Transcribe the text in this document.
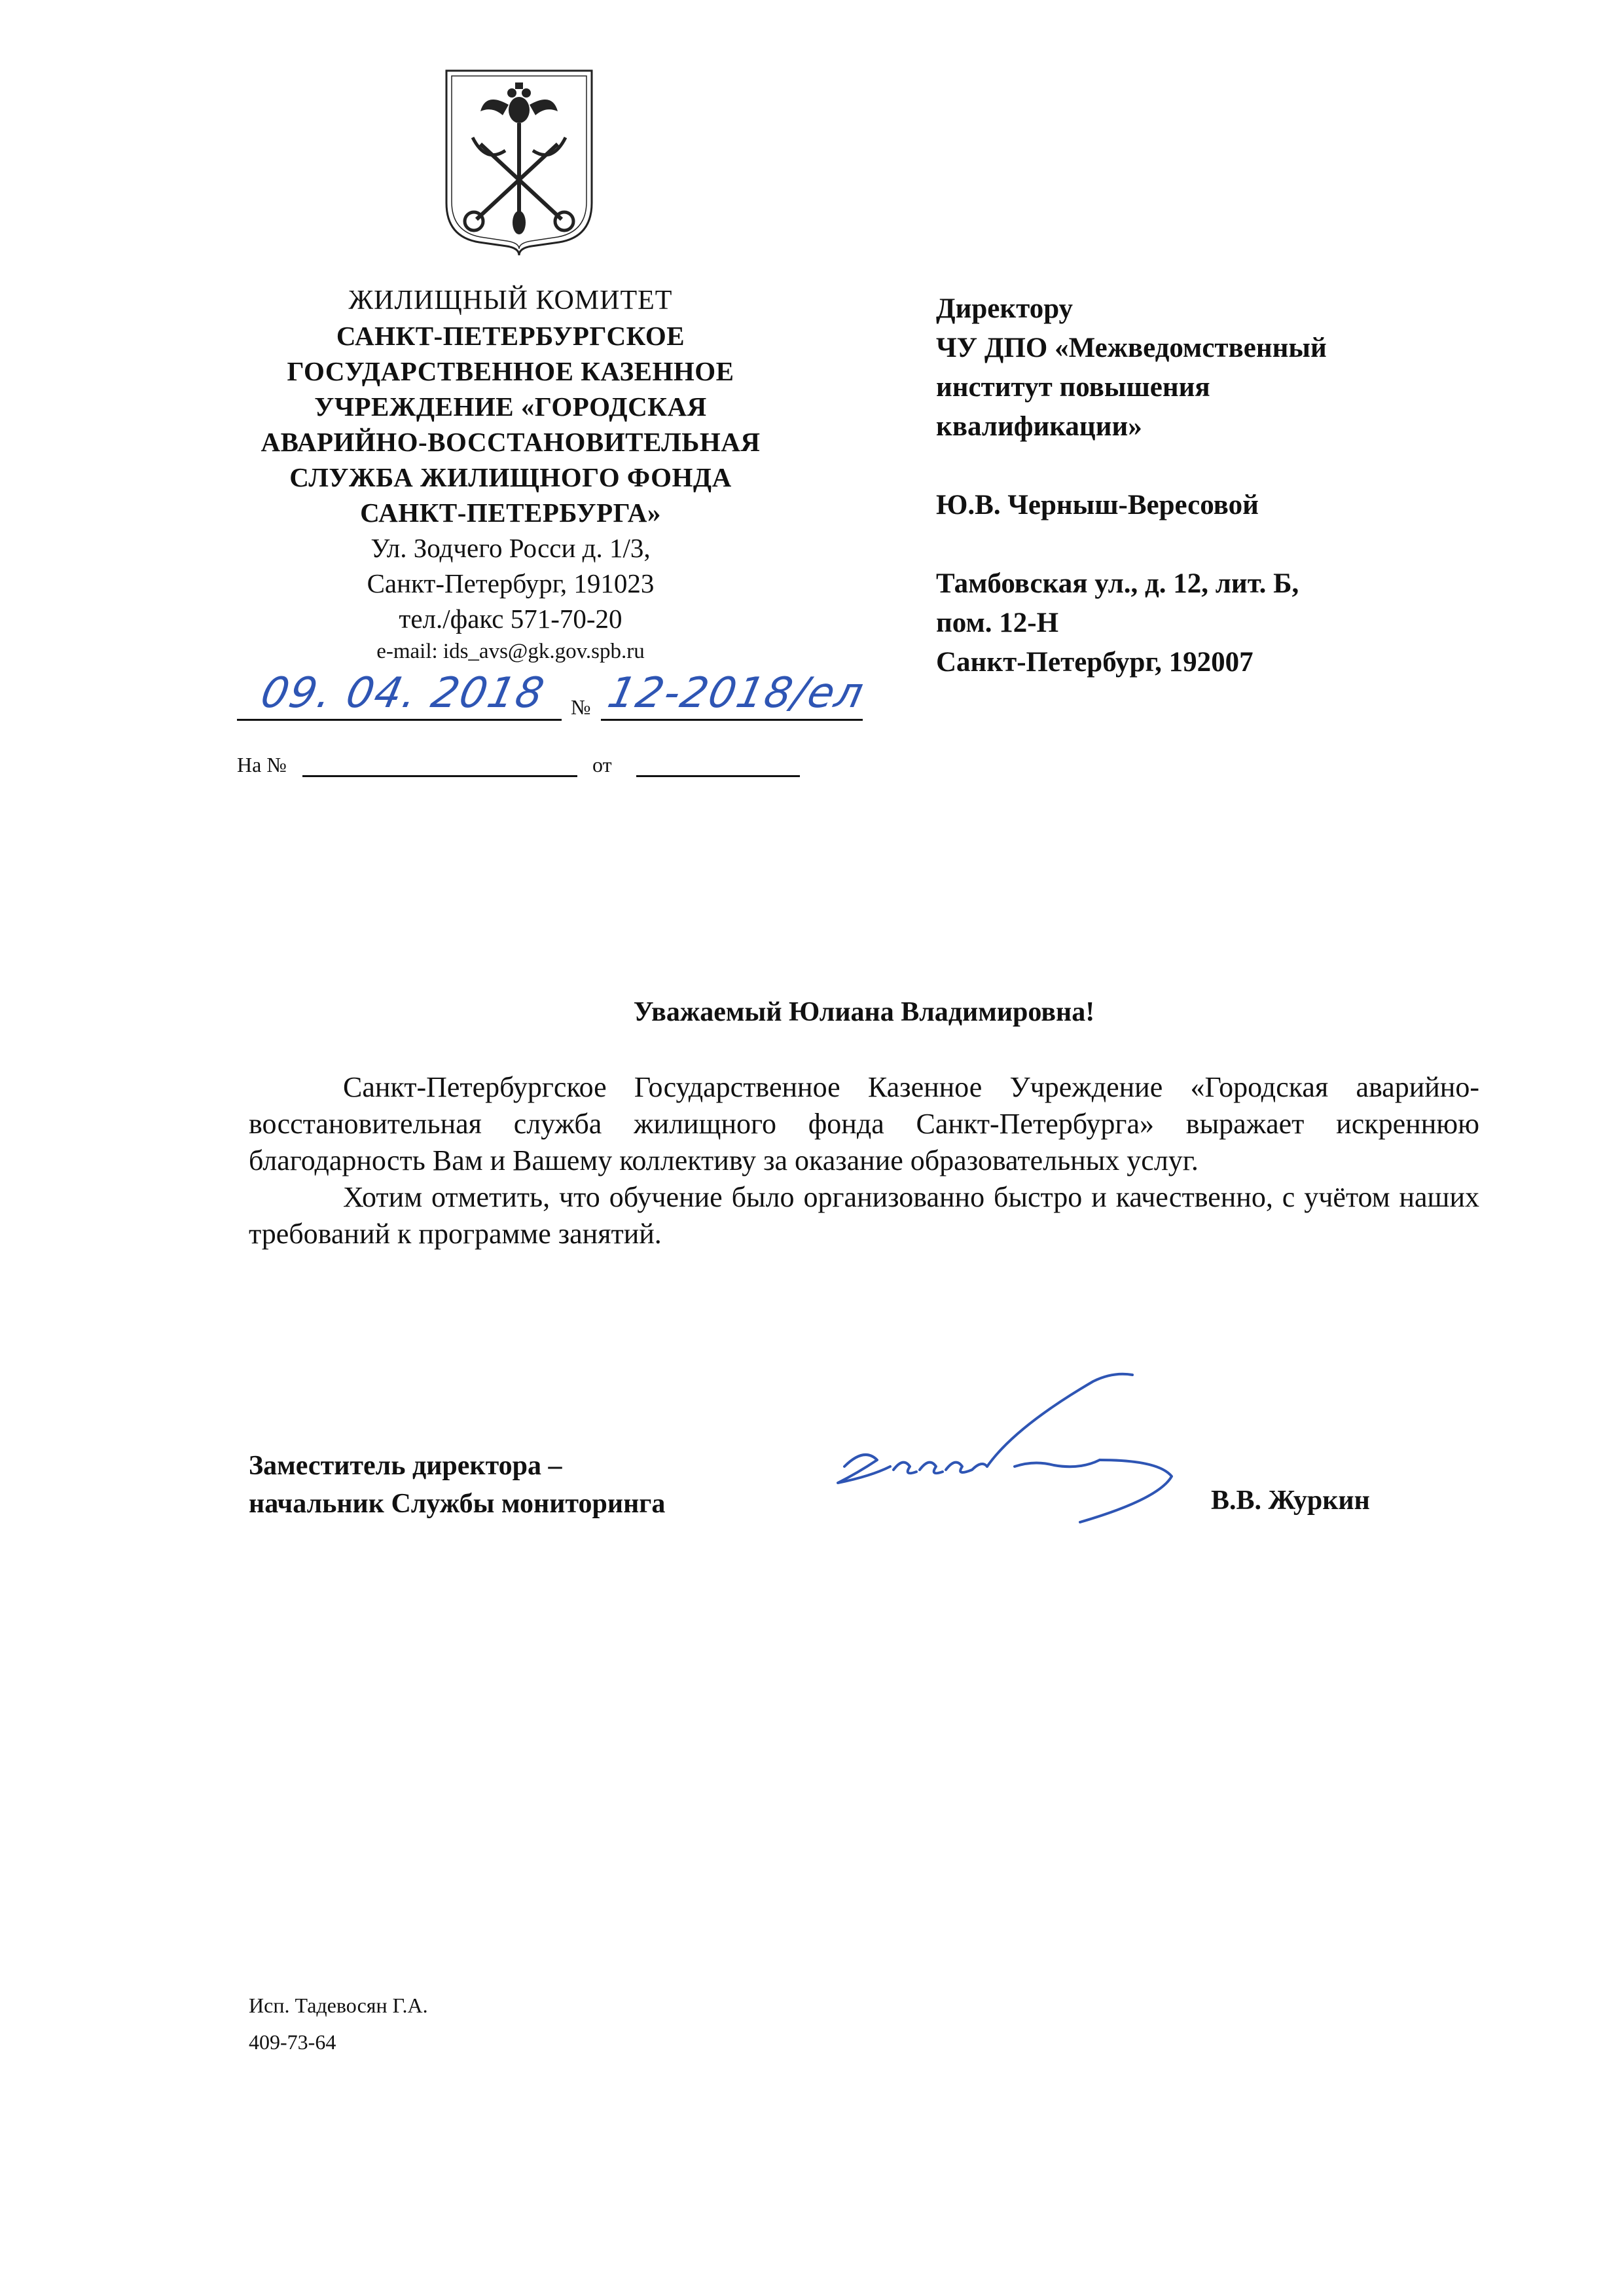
ЖИЛИЩНЫЙ КОМИТЕТ
САНКТ-ПЕТЕРБУРГСКОЕ
ГОСУДАРСТВЕННОЕ КАЗЕННОЕ
УЧРЕЖДЕНИЕ «ГОРОДСКАЯ
АВАРИЙНО-ВОССТАНОВИТЕЛЬНАЯ
СЛУЖБА ЖИЛИЩНОГО ФОНДА
САНКТ-ПЕТЕРБУРГА»
Ул. Зодчего Росси д. 1/3,
Санкт-Петербург, 191023
тел./факс 571-70-20
e-mail: ids_avs@gk.gov.spb.ru
09. 04. 2018 № 12-2018/ел
На №	от
Директору
ЧУ ДПО «Межведомственный
институт повышения
квалификации»
Ю.В. Черныш-Вересовой
Тамбовская ул., д. 12, лит. Б,
пом. 12-Н
Санкт-Петербург, 192007
Уважаемый Юлиана Владимировна!

Санкт-Петербургское Государственное Казенное Учреждение «Городская аварийно-восстановительная служба жилищного фонда Санкт-Петербурга» выражает искреннюю благодарность Вам и Вашему коллективу за оказание образовательных услуг.

Хотим отметить, что обучение было организованно быстро и качественно, с учётом наших требований к программе занятий.

Заместитель директора –
начальник Службы мониторинга	В.В. Журкин
Исп. Тадевосян Г.А.
409-73-64
